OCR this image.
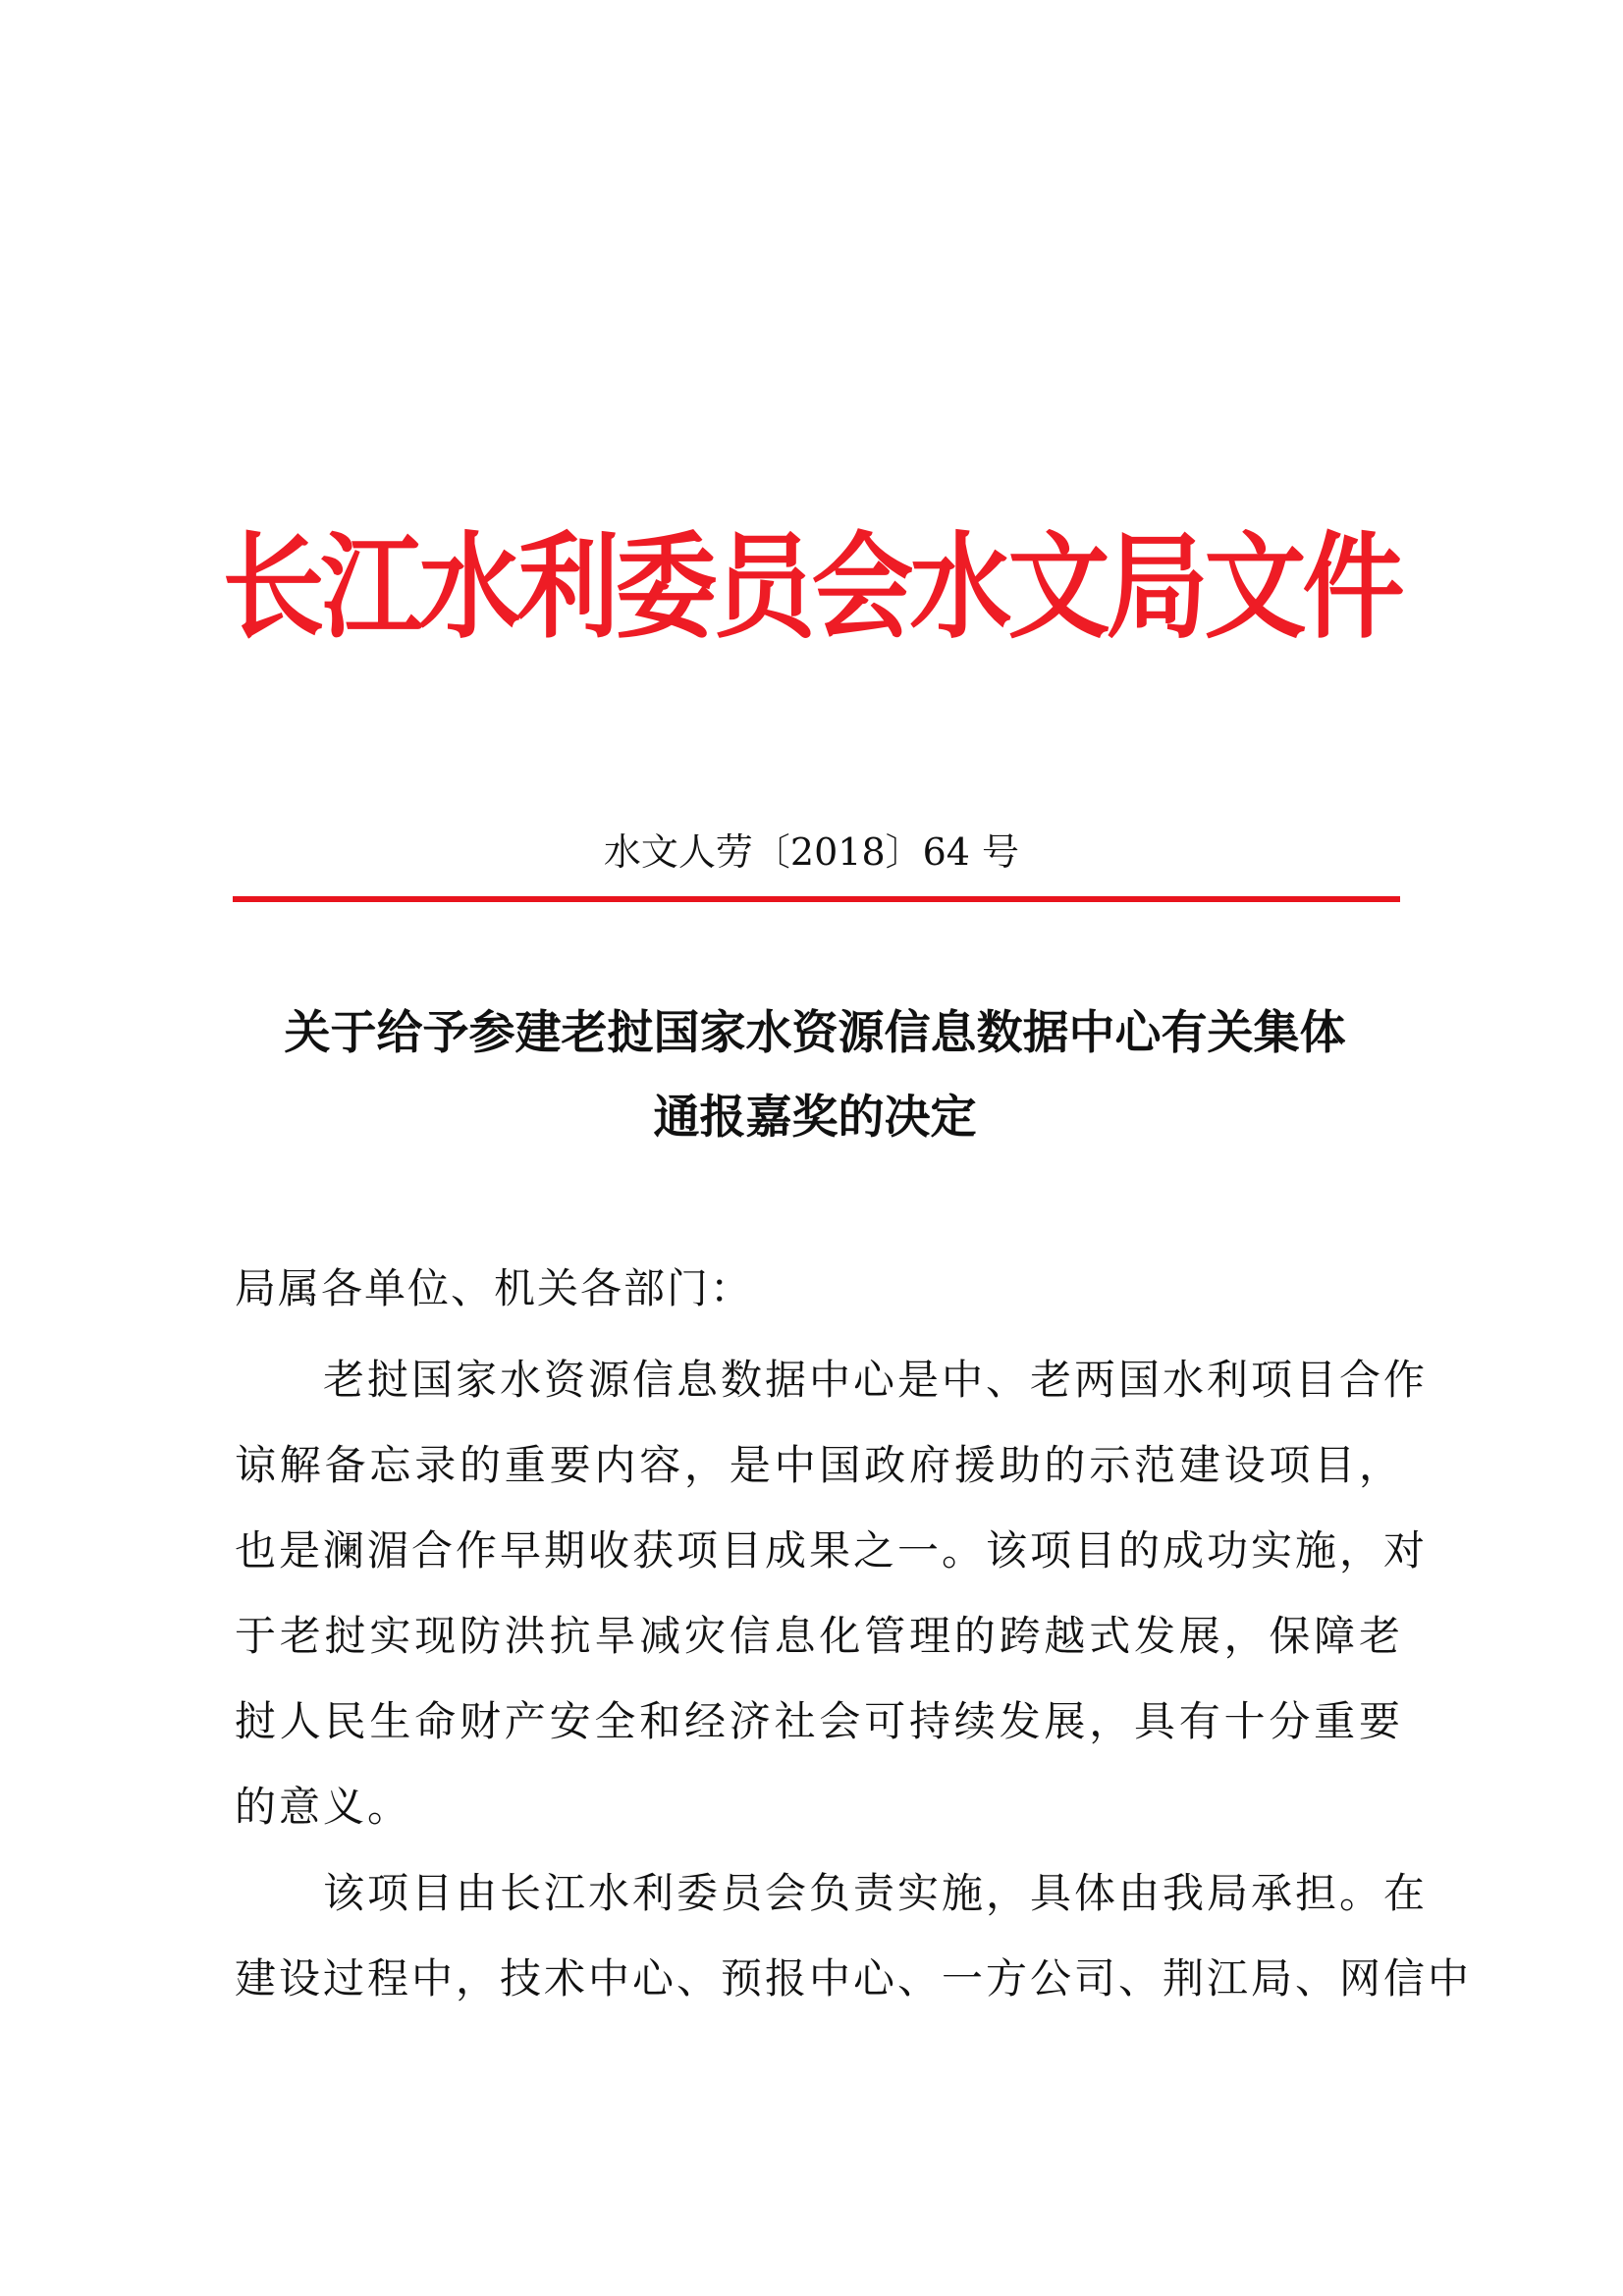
长江水利委员会水文局文件
水文人劳〔2018〕64 号
关于给予参建老挝国家水资源信息数据中心有关集体
通报嘉奖的决定
局属各单位、机关各部门：
　　老挝国家水资源信息数据中心是中、老两国水利项目合作
谅解备忘录的重要内容，是中国政府援助的示范建设项目，
也是澜湄合作早期收获项目成果之一。该项目的成功实施，对
于老挝实现防洪抗旱减灾信息化管理的跨越式发展，保障老
挝人民生命财产安全和经济社会可持续发展，具有十分重要
的意义。
　　该项目由长江水利委员会负责实施，具体由我局承担。在
建设过程中，技术中心、预报中心、一方公司、荆江局、网信中
